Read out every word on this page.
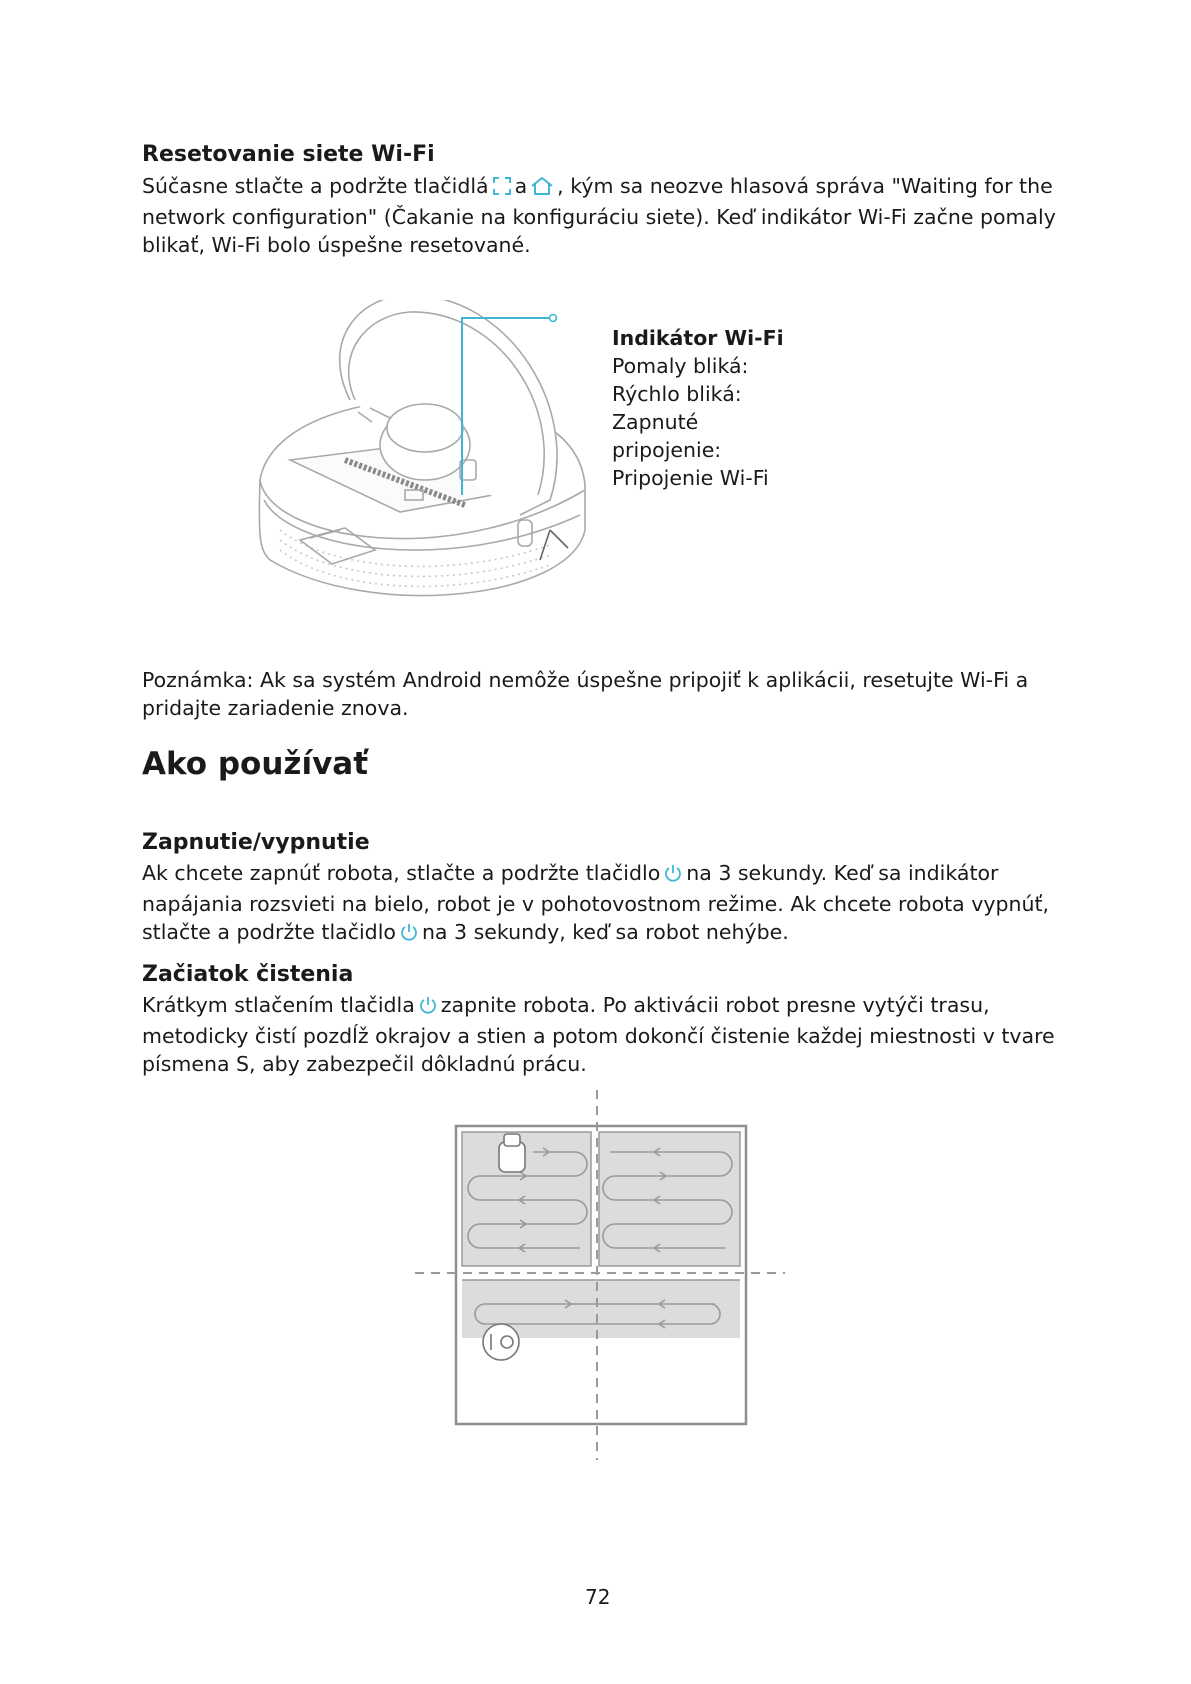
Resetovanie siete Wi-Fi
Súčasne stlačte a podržte tlačidlá a , kým sa neozve hlasová správa "Waiting for the
network configuration" (Čakanie na konfiguráciu siete). Keď indikátor Wi-Fi začne pomaly
blikať, Wi-Fi bolo úspešne resetované.
Indikátor Wi-Fi
Pomaly bliká:
Rýchlo bliká:
Zapnuté
pripojenie:
Pripojenie Wi-Fi
Poznámka: Ak sa systém Android nemôže úspešne pripojiť k aplikácii, resetujte Wi-Fi a
pridajte zariadenie znova.
Ako používať
Zapnutie/vypnutie
Ak chcete zapnúť robota, stlačte a podržte tlačidlo na 3 sekundy. Keď sa indikátor
napájania rozsvieti na bielo, robot je v pohotovostnom režime. Ak chcete robota vypnúť,
stlačte a podržte tlačidlo na 3 sekundy, keď sa robot nehýbe.
Začiatok čistenia
Krátkym stlačením tlačidla zapnite robota. Po aktivácii robot presne vytýči trasu,
metodicky čistí pozdĺž okrajov a stien a potom dokončí čistenie každej miestnosti v tvare
písmena S, aby zabezpečil dôkladnú prácu.
72
